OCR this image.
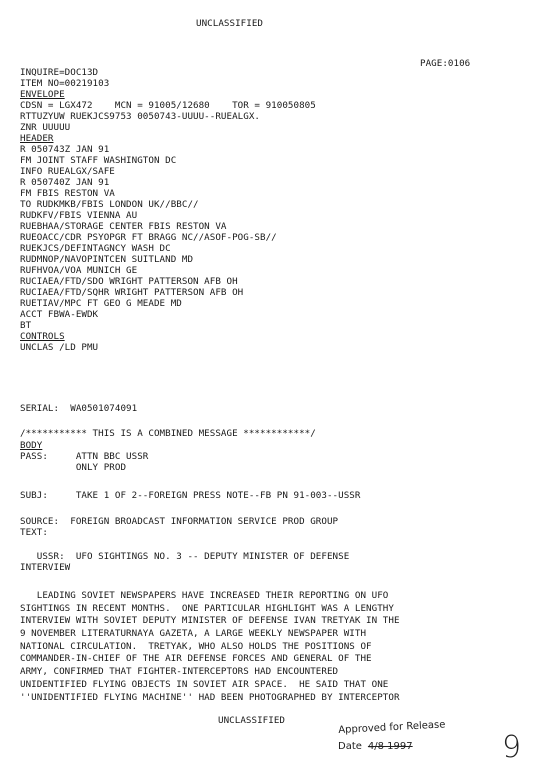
UNCLASSIFIED
PAGE:0106
INQUIRE=DOC13D
ITEM NO=00219103
ENVELOPE
CDSN = LGX472    MCN = 91005/12680    TOR = 910050805
RTTUZYUW RUEKJCS9753 0050743-UUUU--RUEALGX.
ZNR UUUUU
HEADER
R 050743Z JAN 91
FM JOINT STAFF WASHINGTON DC
INFO RUEALGX/SAFE
R 050740Z JAN 91
FM FBIS RESTON VA
TO RUDKMKB/FBIS LONDON UK//BBC//
RUDKFV/FBIS VIENNA AU
RUEBHAA/STORAGE CENTER FBIS RESTON VA
RUEOACC/CDR PSYOPGR FT BRAGG NC//ASOF-POG-SB//
RUEKJCS/DEFINTAGNCY WASH DC
RUDMNOP/NAVOPINTCEN SUITLAND MD
RUFHVOA/VOA MUNICH GE
RUCIAEA/FTD/SDO WRIGHT PATTERSON AFB OH
RUCIAEA/FTD/SQHR WRIGHT PATTERSON AFB OH
RUETIAV/MPC FT GEO G MEADE MD
ACCT FBWA-EWDK
BT
CONTROLS
UNCLAS /LD PMU
SERIAL:  WA0501074091
/*********** THIS IS A COMBINED MESSAGE ************/
BODY
PASS:     ATTN BBC USSR
ONLY PROD
SUBJ:     TAKE 1 OF 2--FOREIGN PRESS NOTE--FB PN 91-003--USSR
SOURCE:  FOREIGN BROADCAST INFORMATION SERVICE PROD GROUP
TEXT:
USSR:  UFO SIGHTINGS NO. 3 -- DEPUTY MINISTER OF DEFENSE
INTERVIEW
LEADING SOVIET NEWSPAPERS HAVE INCREASED THEIR REPORTING ON UFO
SIGHTINGS IN RECENT MONTHS.  ONE PARTICULAR HIGHLIGHT WAS A LENGTHY
INTERVIEW WITH SOVIET DEPUTY MINISTER OF DEFENSE IVAN TRETYAK IN THE
9 NOVEMBER LITERATURNAYA GAZETA, A LARGE WEEKLY NEWSPAPER WITH
NATIONAL CIRCULATION.  TRETYAK, WHO ALSO HOLDS THE POSITIONS OF
COMMANDER-IN-CHIEF OF THE AIR DEFENSE FORCES AND GENERAL OF THE
ARMY, CONFIRMED THAT FIGHTER-INTERCEPTORS HAD ENCOUNTERED
UNIDENTIFIED FLYING OBJECTS IN SOVIET AIR SPACE.  HE SAID THAT ONE
''UNIDENTIFIED FLYING MACHINE'' HAD BEEN PHOTOGRAPHED BY INTERCEPTOR
UNCLASSIFIED	Approved for Release
Date 4/8 1997	9
